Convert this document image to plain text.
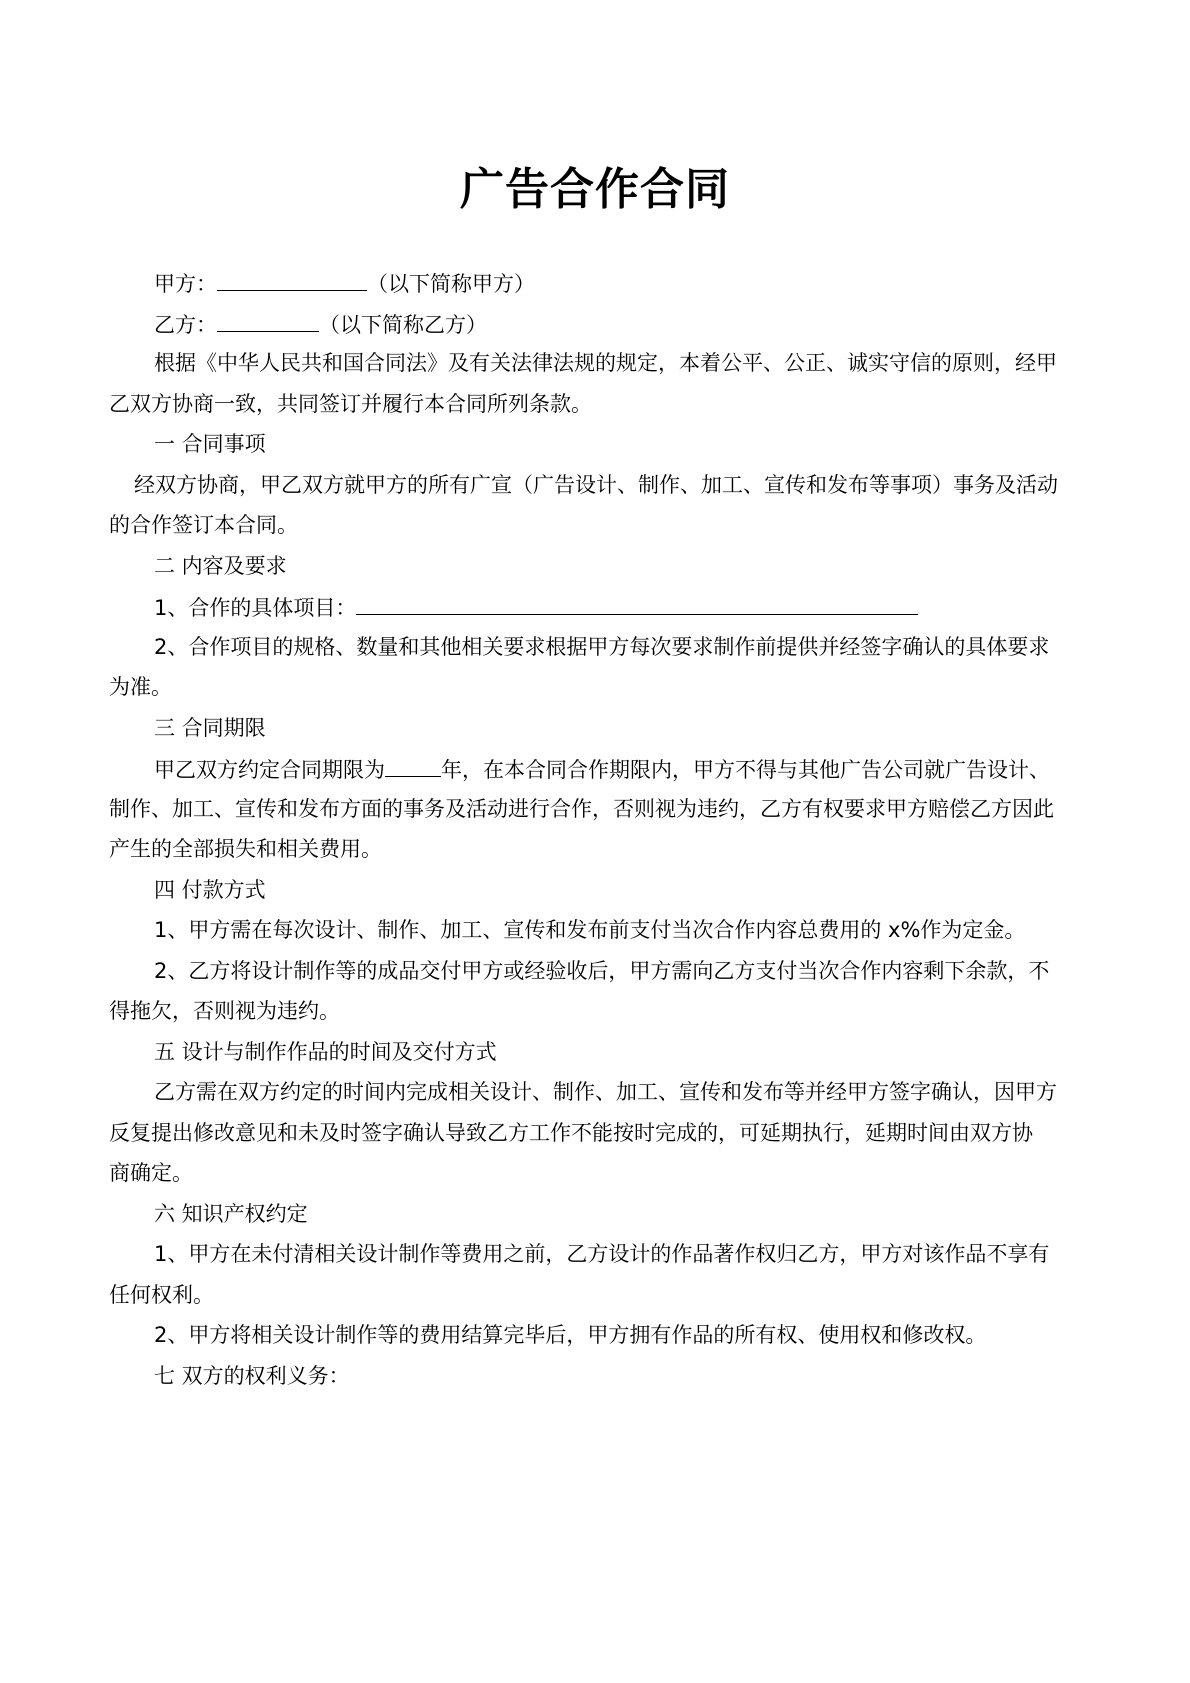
广告合作合同
甲方：	（以下简称甲方）
乙方：	（以下简称乙方）
根据《中华人民共和国合同法》及有关法律法规的规定，本着公平、公正、诚实守信的原则，经甲
乙双方协商一致，共同签订并履行本合同所列条款。
一 合同事项
经双方协商，甲乙双方就甲方的所有广宣（广告设计、制作、加工、宣传和发布等事项）事务及活动
的合作签订本合同。
二 内容及要求
1、合作的具体项目：
2、合作项目的规格、数量和其他相关要求根据甲方每次要求制作前提供并经签字确认的具体要求
为准。
三 合同期限
甲乙双方约定合同期限为	年，在本合同合作期限内，甲方不得与其他广告公司就广告设计、
制作、加工、宣传和发布方面的事务及活动进行合作，否则视为违约，乙方有权要求甲方赔偿乙方因此
产生的全部损失和相关费用。
四 付款方式
1、甲方需在每次设计、制作、加工、宣传和发布前支付当次合作内容总费用的 x%作为定金。
2、乙方将设计制作等的成品交付甲方或经验收后，甲方需向乙方支付当次合作内容剩下余款，不
得拖欠，否则视为违约。
五 设计与制作作品的时间及交付方式
乙方需在双方约定的时间内完成相关设计、制作、加工、宣传和发布等并经甲方签字确认，因甲方
反复提出修改意见和未及时签字确认导致乙方工作不能按时完成的，可延期执行，延期时间由双方协
商确定。
六 知识产权约定
1、甲方在未付清相关设计制作等费用之前，乙方设计的作品著作权归乙方，甲方对该作品不享有
任何权利。
2、甲方将相关设计制作等的费用结算完毕后，甲方拥有作品的所有权、使用权和修改权。
七 双方的权利义务：
